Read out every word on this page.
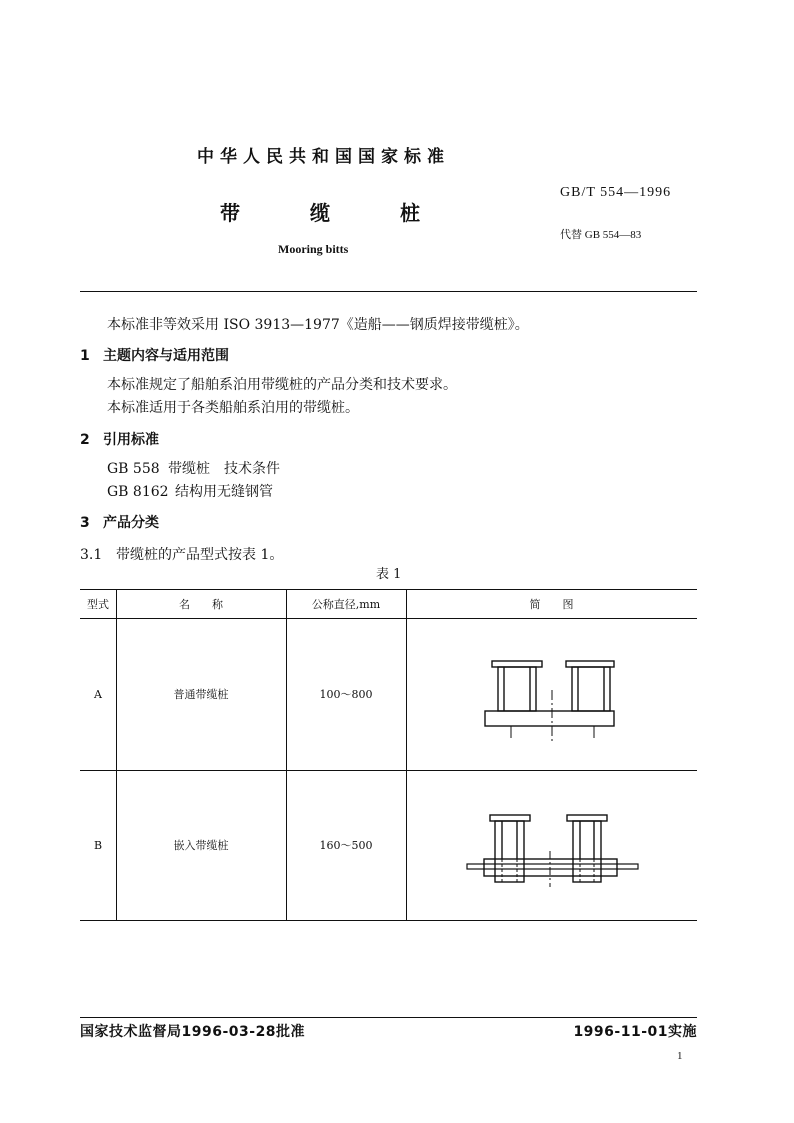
中华人民共和国国家标准
GB/T 554—1996
带　　缆　　桩
代替 GB 554—83
Mooring bitts
本标准非等效采用 ISO 3913—1977《造船——钢质焊接带缆桩》。
1 主题内容与适用范围
本标准规定了船舶系泊用带缆桩的产品分类和技术要求。
本标准适用于各类船舶系泊用的带缆桩。
2 引用标准
GB 558 带缆桩　技术条件
GB 8162 结构用无缝钢管
3 产品分类
3.1 带缆桩的产品型式按表 1。
表 1
型式	名　　称	公称直径,mm	简　　图
A	普通带缆桩	100～800
B	嵌入带缆桩	160～500
国家技术监督局1996-03-28批准	1996-11-01实施
1
